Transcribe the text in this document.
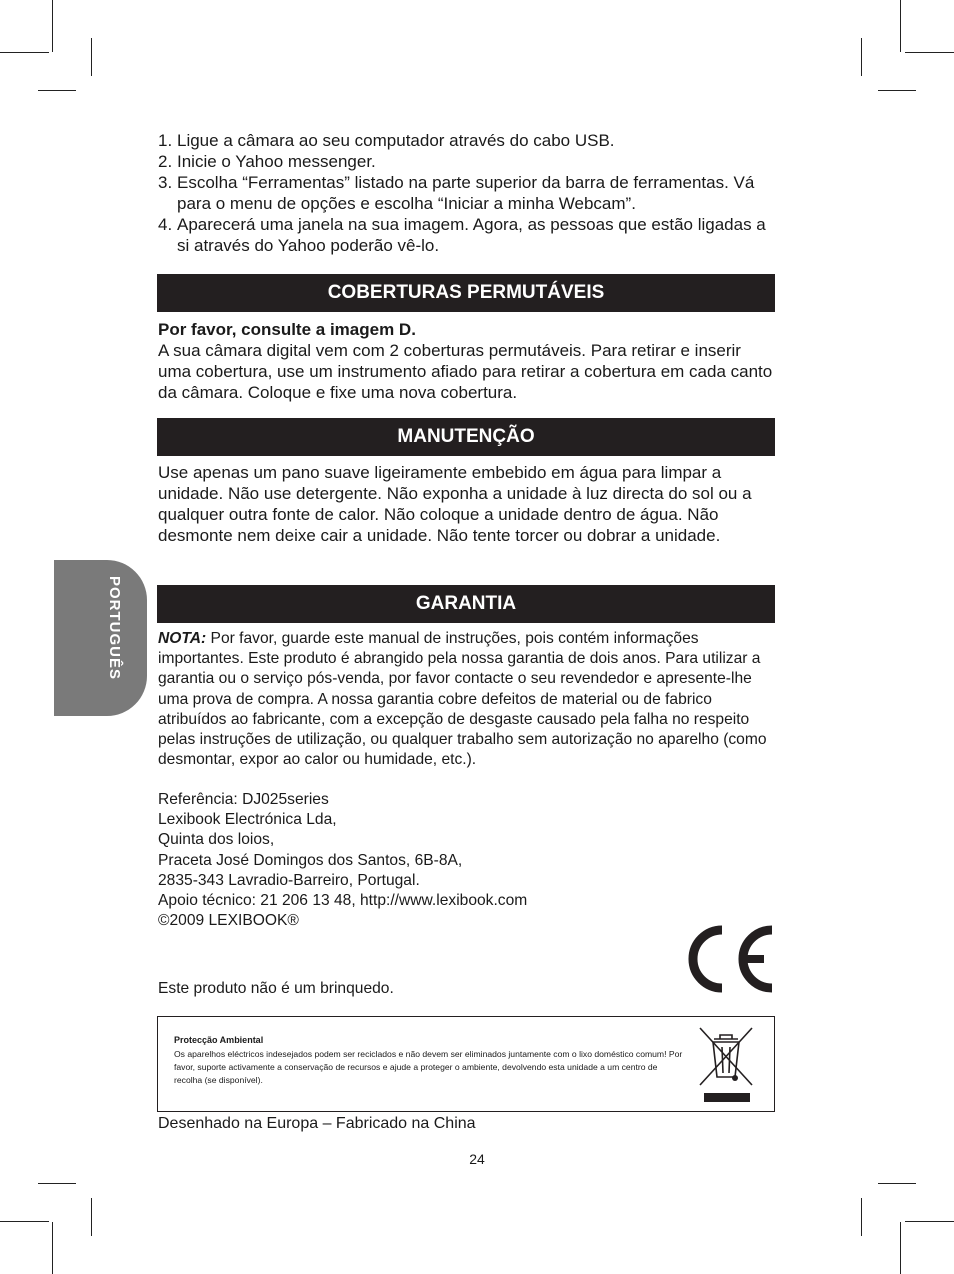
PORTUGUÊS
1. Ligue a câmara ao seu computador através do cabo USB.
2. Inicie o Yahoo messenger.
3. Escolha “Ferramentas” listado na parte superior da barra de ferramentas. Vá para o menu de opções e escolha “Iniciar a minha Webcam”.
4. Aparecerá uma janela na sua imagem. Agora, as pessoas que estão ligadas a si através do Yahoo poderão vê-lo.
COBERTURAS PERMUTÁVEIS

Por favor, consulte a imagem D.
A sua câmara digital vem com 2 coberturas permutáveis. Para retirar e inserir uma cobertura, use um instrumento afiado para retirar a cobertura em cada canto da câmara. Coloque e fixe uma nova cobertura.

MANUTENÇÃO

Use apenas um pano suave ligeiramente embebido em água para limpar a unidade. Não use detergente. Não exponha a unidade à luz directa do sol ou a qualquer outra fonte de calor. Não coloque a unidade dentro de água. Não desmonte nem deixe cair a unidade. Não tente torcer ou dobrar a unidade.

GARANTIA

NOTA: Por favor, guarde este manual de instruções, pois contém informações importantes. Este produto é abrangido pela nossa garantia de dois anos. Para utilizar a garantia ou o serviço pós-venda, por favor contacte o seu revendedor e apresente-lhe uma prova de compra. A nossa garantia cobre defeitos de material ou de fabrico atribuídos ao fabricante, com a excepção de desgaste causado pela falha no respeito pelas instruções de utilização, ou qualquer trabalho sem autorização no aparelho (como desmontar, expor ao calor ou humidade, etc.).

Referência: DJ025series
Lexibook Electrónica Lda,
Quinta dos loios,
Praceta José Domingos dos Santos, 6B-8A,
2835-343 Lavradio-Barreiro, Portugal.
Apoio técnico: 21 206 13 48, http://www.lexibook.com
©2009 LEXIBOOK®
Este produto não é um brinquedo.
Protecção Ambiental
Os aparelhos eléctricos indesejados podem ser reciclados e não devem ser eliminados juntamente com o lixo doméstico comum! Por favor, suporte activamente a conservação de recursos e ajude a proteger o ambiente, devolvendo esta unidade a um centro de recolha (se disponível).
Desenhado na Europa – Fabricado na China
24
